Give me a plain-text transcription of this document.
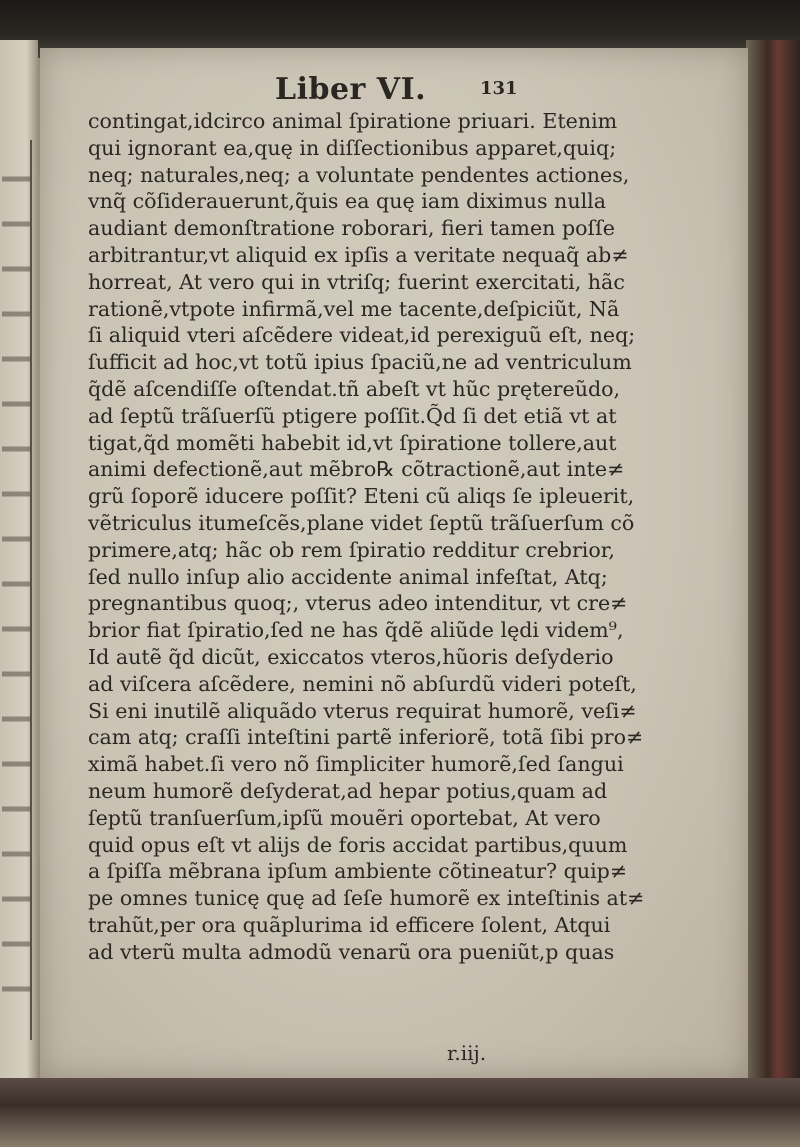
Liber VI.	131
contingat,idcirco animal ſpiratione priuari. Etenim
qui ignorant ea,quę in diſſectionibus apparet,quiq;
neq; naturales,neq; a voluntate pendentes actiones,
vnq̃ cõſiderauerunt,q̃uis ea quę iam diximus nulla
audiant demonſtratione roborari, fieri tamen poſſe
arbitrantur,vt aliquid ex ipſis a veritate nequaq̃ ab≠
horreat, At vero qui in vtriſq; fuerint exercitati, hãc
rationẽ,vtpote infirmã,vel me tacente,deſpiciũt, Nã
ſi aliquid vteri aſcẽdere videat,id perexiguũ eſt, neq;
ſufficit ad hoc,vt totũ ipius ſpaciũ,ne ad ventriculum
q̃dẽ aſcendiſſe oſtendat.tñ abeſt vt hũc prętereũdo,
ad ſeptũ trãſuerſũ ptigere poſſit.Q̃d ſi det etiã vt at
tigat,q̃d momẽti habebit id,vt ſpiratione tollere,aut
animi defectionẽ,aut mẽbro℞ cõtractionẽ,aut inte≠
grũ ſoporẽ iducere poſſit? Eteni cũ aliqs ſe ipleuerit,
vẽtriculus itumeſcẽs,plane videt ſeptũ trãſuerſum cõ
primere,atq; hãc ob rem ſpiratio redditur crebrior,
ſed nullo inſup alio accidente animal infeſtat, Atq;
pregnantibus quoq;, vterus adeo intenditur, vt cre≠
brior fiat ſpiratio,ſed ne has q̃dẽ aliũde lędi videm⁹,
Id autẽ q̃d dicũt, exiccatos vteros,hũoris deſyderio
ad viſcera aſcẽdere, nemini nõ abſurdũ videri poteſt,
Si eni inutilẽ aliquãdo vterus requirat humorẽ, veſi≠
cam atq; craſſi inteſtini partẽ inferiorẽ, totã ſibi pro≠
ximã habet.ſi vero nõ ſimpliciter humorẽ,ſed ſangui
neum humorẽ deſyderat,ad hepar potius,quam ad
ſeptũ tranſuerſum,ipſũ mouẽri oportebat, At vero
quid opus eſt vt aliјs de foris accidat partibus,quum
a ſpiſſa mẽbrana ipſum ambiente cõtineatur? quip≠
pe omnes tunicę quę ad ſeſe humorẽ ex inteſtinis at≠
trahũt,per ora quãplurima id efficere ſolent, Atqui
ad vterũ multa admodũ venarũ ora pueniũt,p quas
r.iij.
